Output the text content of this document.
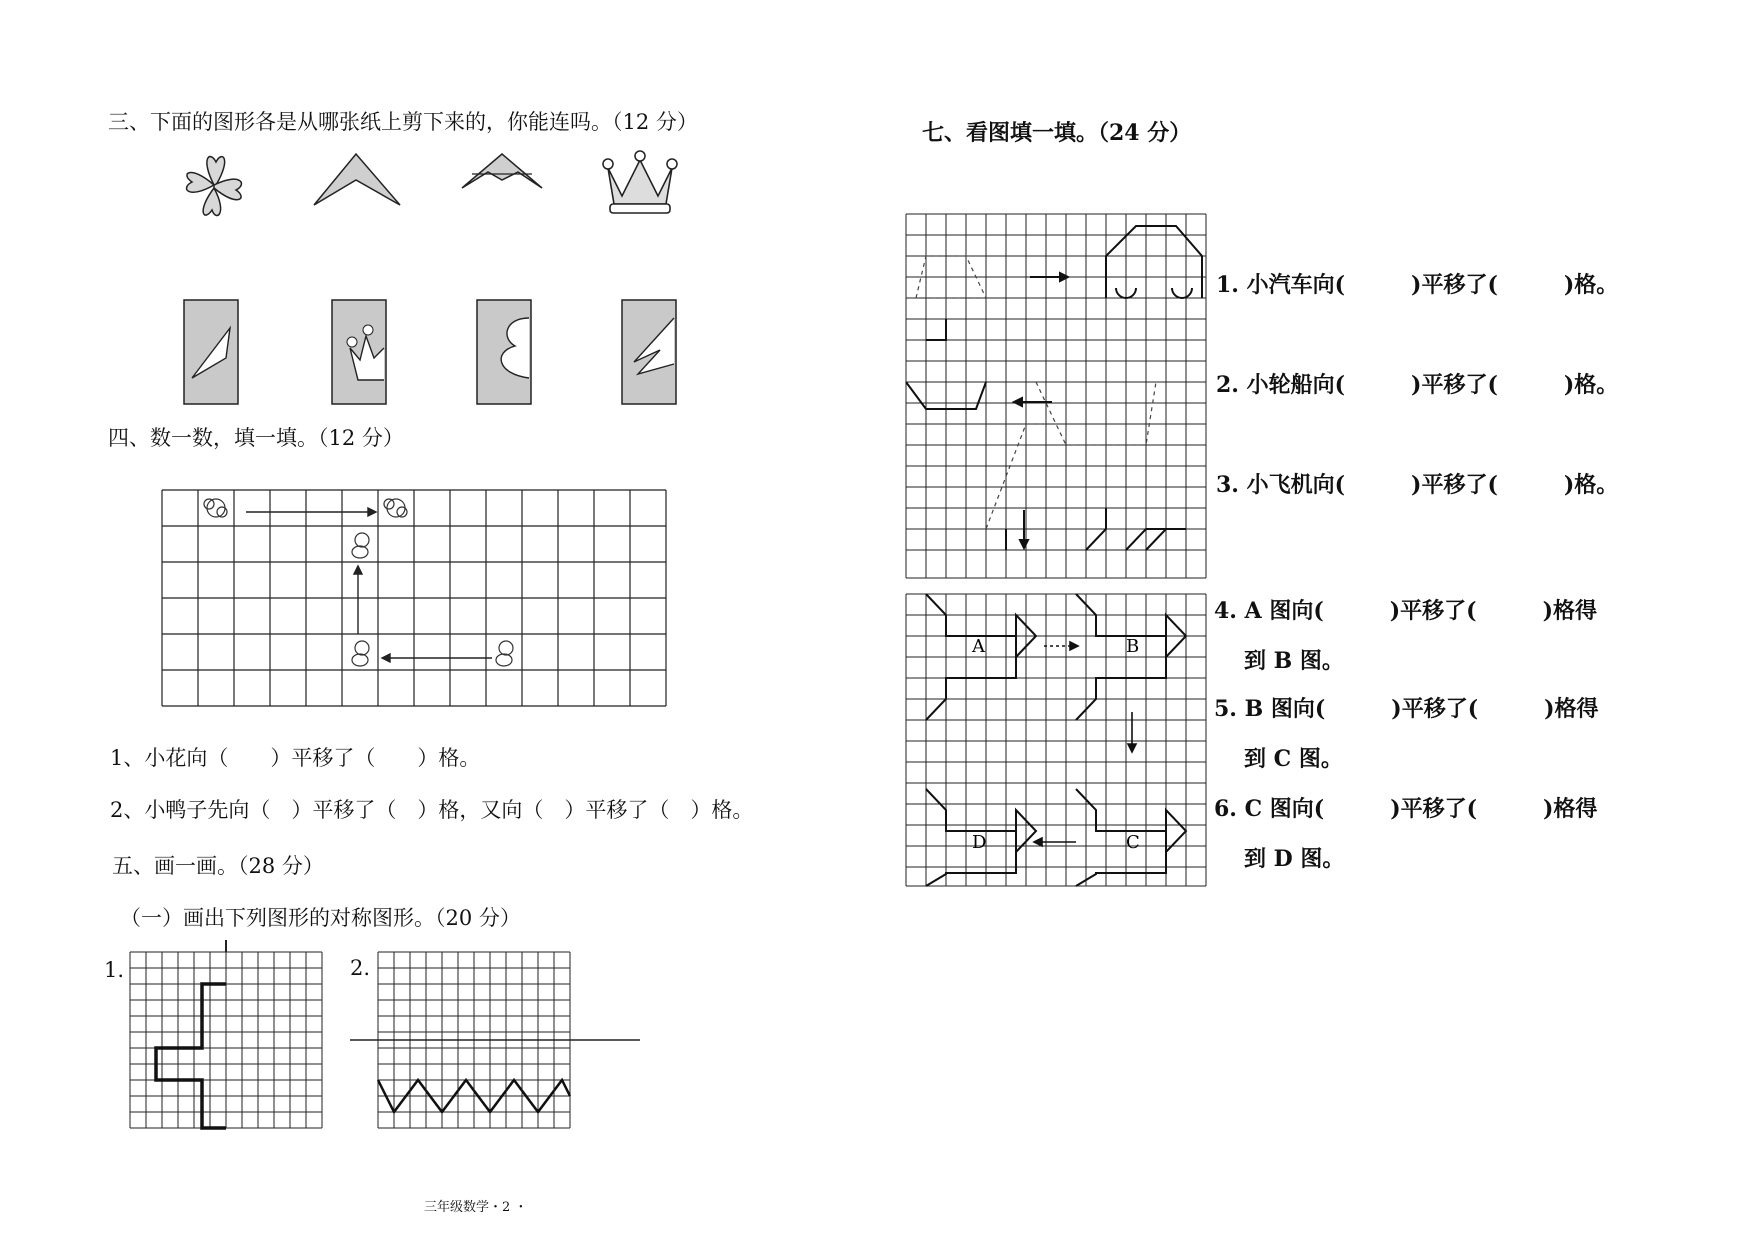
三、下面的图形各是从哪张纸上剪下来的，你能连吗。（12 分）
四、数一数，填一填。（12 分）
1、小花向（　　）平移了（　　）格。
2、小鸭子先向（　）平移了（　）格，又向（　）平移了（　）格。
五、画一画。（28 分）
（一）画出下列图形的对称图形。（20 分）
1.	2.
三年级数学・2 ・
七、看图填一填。（24 分）
A	B
C
D
1. 小汽车向(　　　)平移了(　　　)格。
2. 小轮船向(　　　)平移了(　　　)格。
3. 小飞机向(　　　)平移了(　　　)格。
4. A 图向(　　　)平移了(　　　)格得
到 B 图。
5. B 图向(　　　)平移了(　　　)格得
到 C 图。
6. C 图向(　　　)平移了(　　　)格得
到 D 图。
